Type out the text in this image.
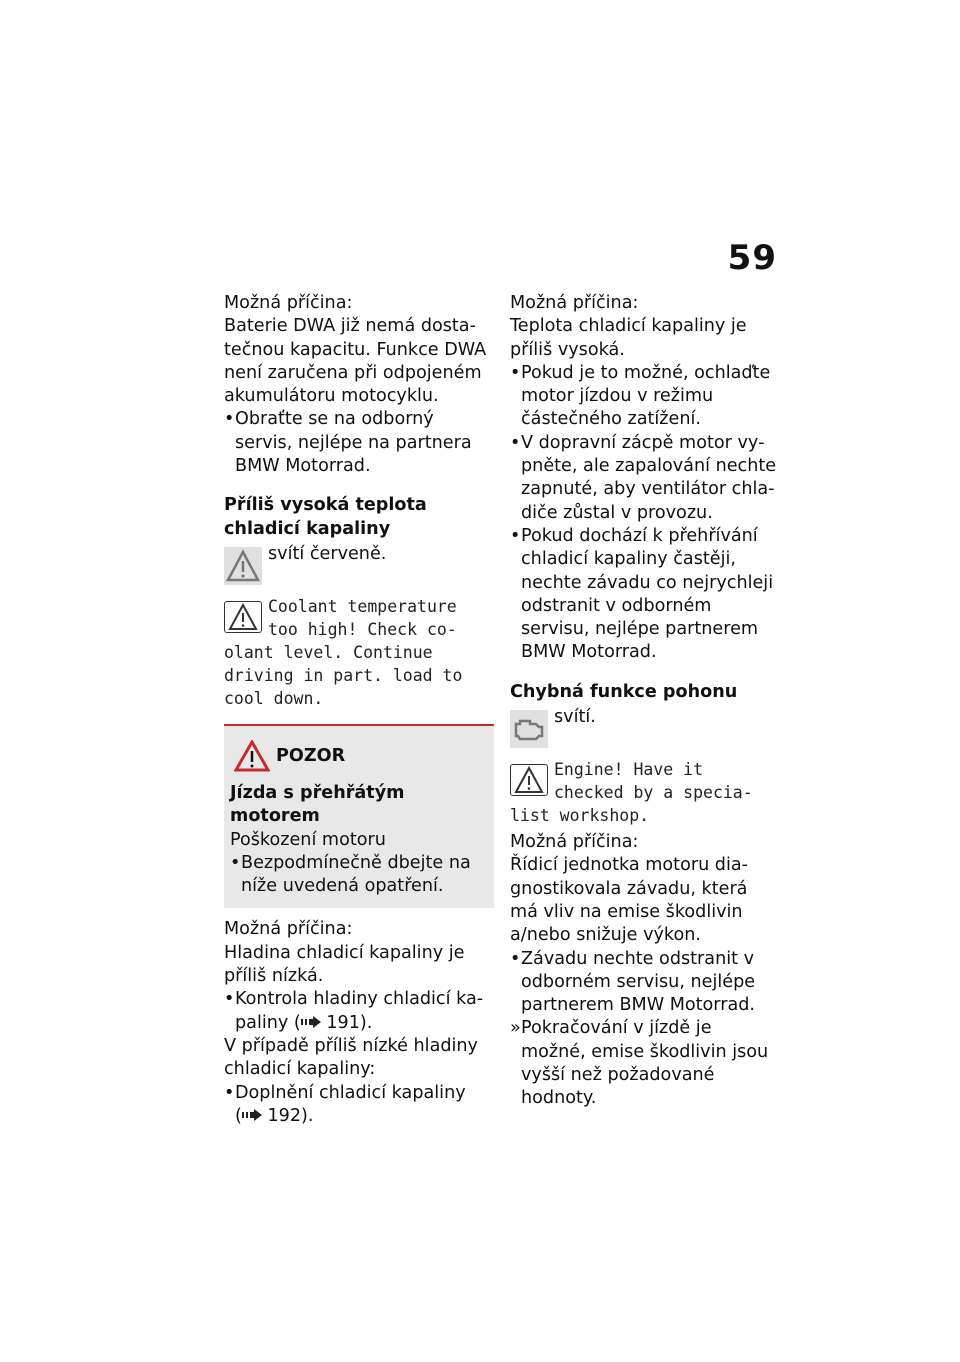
59

Možná příčina:

Baterie DWA již nemá dostatečnou kapacitu. Funkce DWA není zaručena při odpojeném akumulátoru motocyklu.

• Obraťte se na odborný servis, nejlépe na partnera BMW Motorrad.

Příliš vysoká teplota chladicí kapaliny

svítí červeně.

Coolant temperature

too high! Check co-

olant level. Continue

driving in part. load to

cool down.

POZOR

Jízda s přehřátým motorem

Poškození motoru

• Bezpodmínečně dbejte na níže uvedená opatření.

Možná příčina:

Hladina chladicí kapaliny je příliš nízká.

• Kontrola hladiny chladicí kapaliny ( 191).

V případě příliš nízké hladiny chladicí kapaliny:

• Doplnění chladicí kapaliny
( 192).

Možná příčina:

Teplota chladicí kapaliny je příliš vysoká.

• Pokud je to možné, ochlaďte motor jízdou v režimu částečného zatížení.

• V dopravní zácpě motor vypněte, ale zapalování nechte zapnuté, aby ventilátor chladiče zůstal v provozu.

• Pokud dochází k přehřívání chladicí kapaliny častěji, nechte závadu co nejrychleji odstranit v odborném servisu, nejlépe partnerem BMW Motorrad.

Chybná funkce pohonu

svítí.

Engine! Have it

checked by a specia-

list workshop.

Možná příčina:

Řídicí jednotka motoru diagnostikovala závadu, která má vliv na emise škodlivin a/nebo snižuje výkon.

• Závadu nechte odstranit v odborném servisu, nejlépe partnerem BMW Motorrad.

» Pokračování v jízdě je možné, emise škodlivin jsou vyšší než požadované hodnoty.
